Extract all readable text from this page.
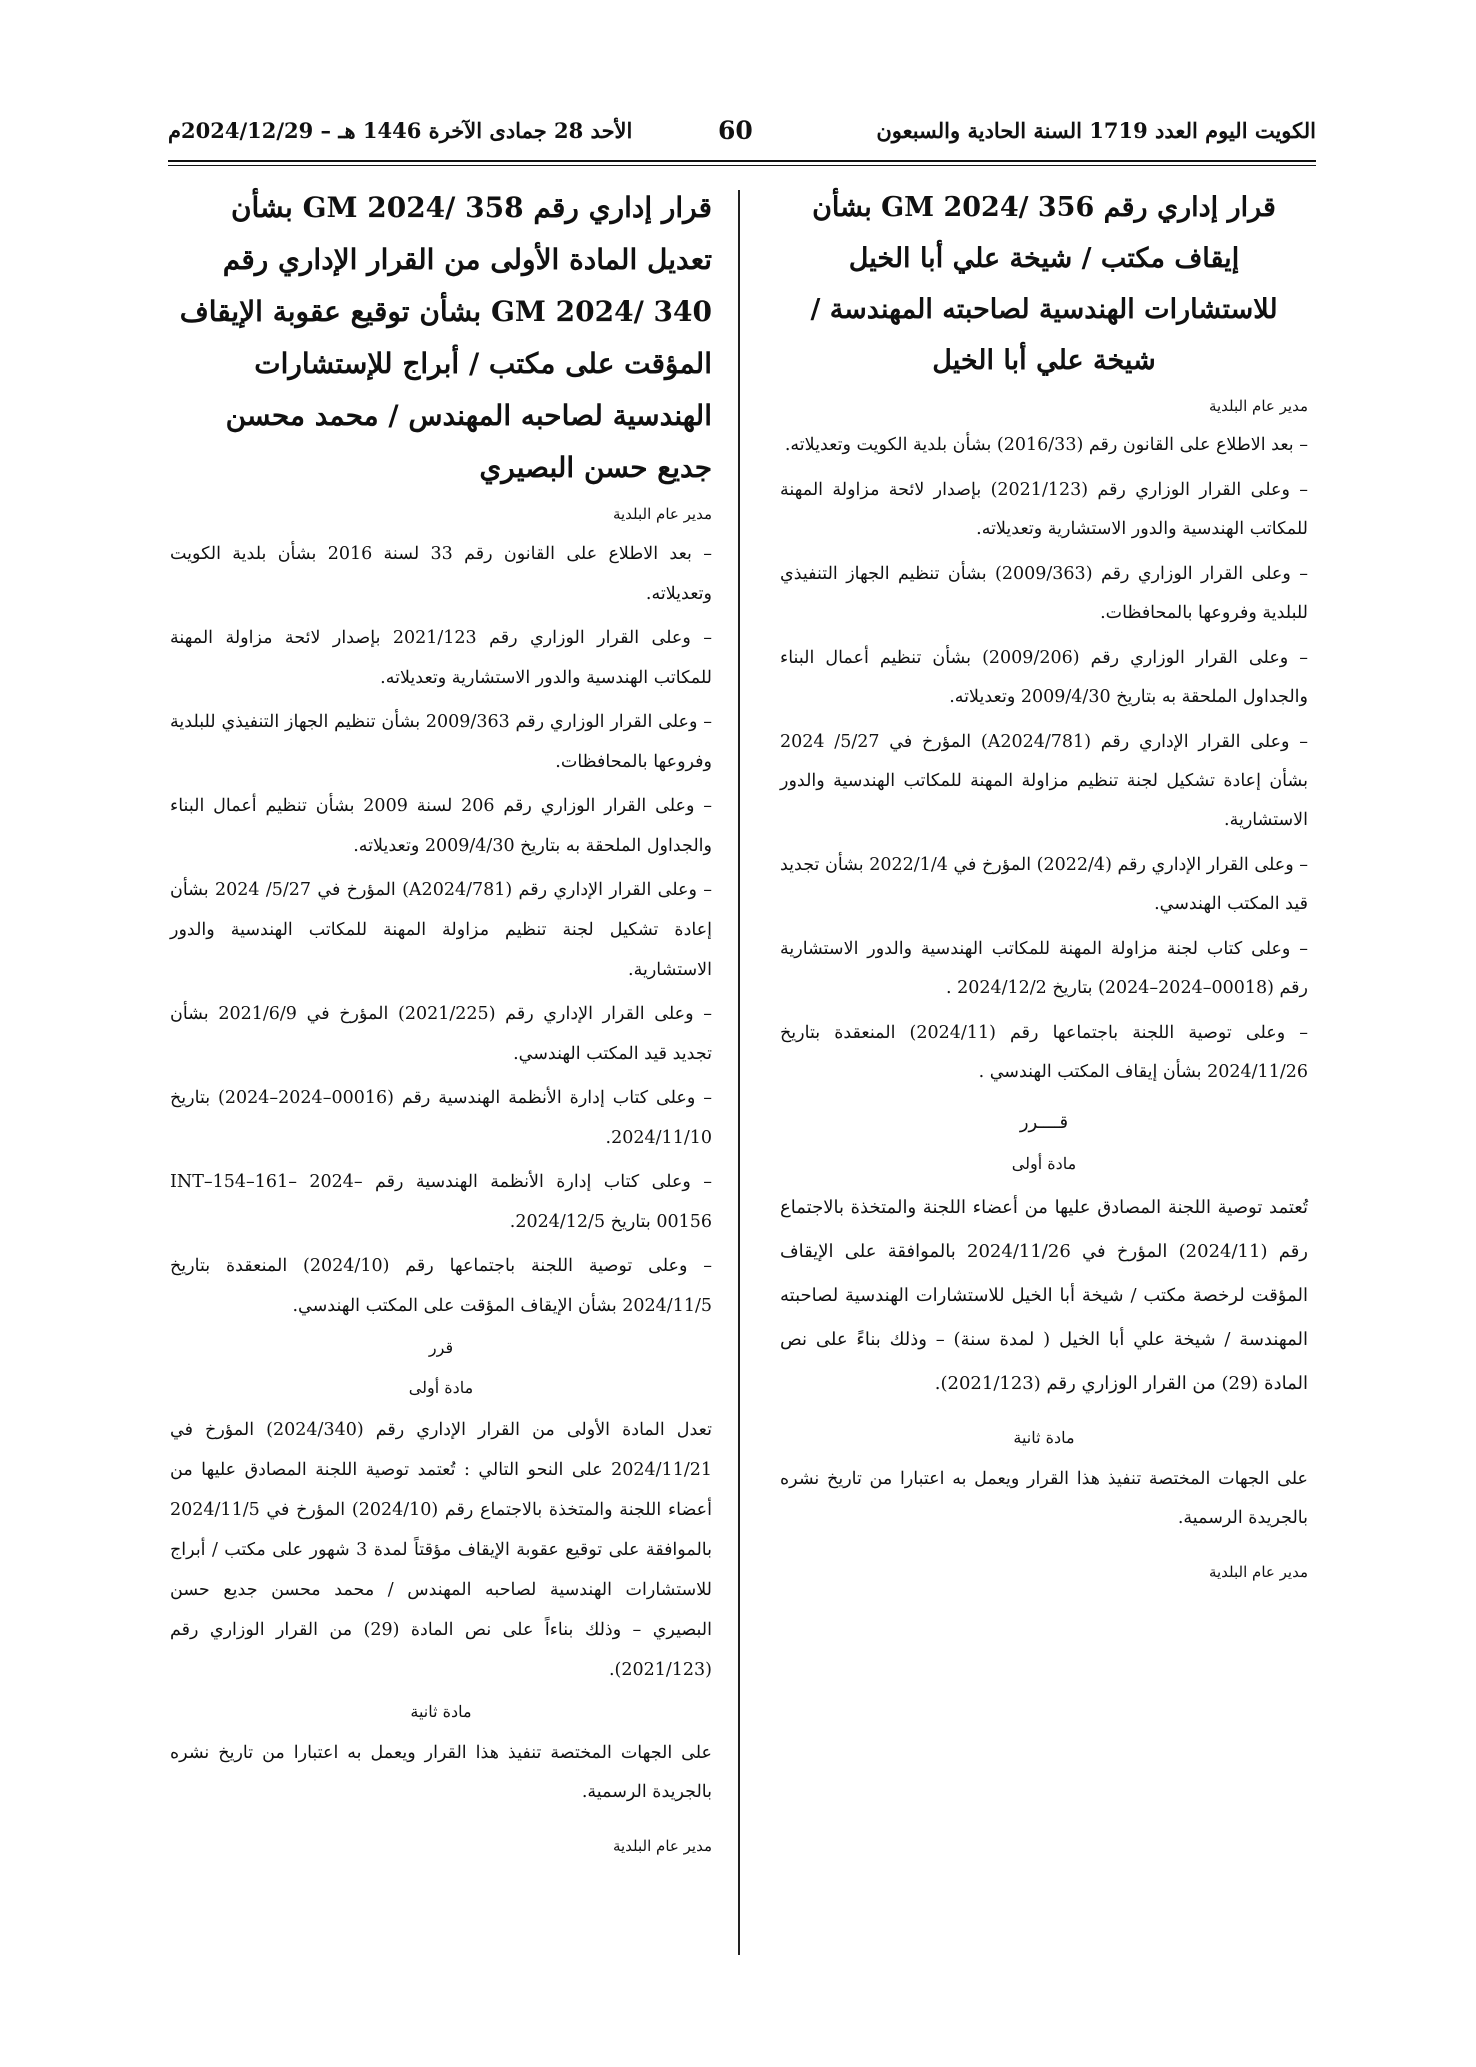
الكويت اليوم العدد 1719 السنة الحادية والسبعون
60
الأحد 28 جمادى الآخرة 1446 هـ – 2024/12/29م
قرار إداري رقم 356 /GM 2024 بشأن إيقاف مكتب / شيخة علي أبا الخيل للاستشارات الهندسية لصاحبته المهندسة / شيخة علي أبا الخيل
مدير عام البلدية
– بعد الاطلاع على القانون رقم (2016/33) بشأن بلدية الكويت وتعديلاته.
– وعلى القرار الوزاري رقم (2021/123) بإصدار لائحة مزاولة المهنة للمكاتب الهندسية والدور الاستشارية وتعديلاته.
– وعلى القرار الوزاري رقم (2009/363) بشأن تنظيم الجهاز التنفيذي للبلدية وفروعها بالمحافظات.
– وعلى القرار الوزاري رقم (2009/206) بشأن تنظيم أعمال البناء والجداول الملحقة به بتاريخ 2009/4/30 وتعديلاته.
– وعلى القرار الإداري رقم (A2024/781) المؤرخ في 5/27/ 2024 بشأن إعادة تشكيل لجنة تنظيم مزاولة المهنة للمكاتب الهندسية والدور الاستشارية.
– وعلى القرار الإداري رقم (2022/4) المؤرخ في 2022/1/4 بشأن تجديد قيد المكتب الهندسي.
– وعلى كتاب لجنة مزاولة المهنة للمكاتب الهندسية والدور الاستشارية رقم (00018–2024–2024) بتاريخ 2024/12/2 .
– وعلى توصية اللجنة باجتماعها رقم (2024/11) المنعقدة بتاريخ 2024/11/26 بشأن إيقاف المكتب الهندسي .
قــــرر
مادة أولى
تُعتمد توصية اللجنة المصادق عليها من أعضاء اللجنة والمتخذة بالاجتماع رقم (2024/11) المؤرخ في 2024/11/26 بالموافقة على الإيقاف المؤقت لرخصة مكتب / شيخة أبا الخيل للاستشارات الهندسية لصاحبته المهندسة / شيخة علي أبا الخيل ( لمدة سنة) – وذلك بناءً على نص المادة (29) من القرار الوزاري رقم (2021/123).
مادة ثانية
على الجهات المختصة تنفيذ هذا القرار ويعمل به اعتبارا من تاريخ نشره بالجريدة الرسمية.
مدير عام البلدية
قرار إداري رقم 358 /GM 2024 بشأن تعديل المادة الأولى من القرار الإداري رقم 340 /GM 2024 بشأن توقيع عقوبة الإيقاف المؤقت على مكتب / أبراج للإستشارات الهندسية لصاحبه المهندس / محمد محسن جديع حسن البصيري
مدير عام البلدية
– بعد الاطلاع على القانون رقم 33 لسنة 2016 بشأن بلدية الكويت وتعديلاته.
– وعلى القرار الوزاري رقم 2021/123 بإصدار لائحة مزاولة المهنة للمكاتب الهندسية والدور الاستشارية وتعديلاته.
– وعلى القرار الوزاري رقم 2009/363 بشأن تنظيم الجهاز التنفيذي للبلدية وفروعها بالمحافظات.
– وعلى القرار الوزاري رقم 206 لسنة 2009 بشأن تنظيم أعمال البناء والجداول الملحقة به بتاريخ 2009/4/30 وتعديلاته.
– وعلى القرار الإداري رقم (A2024/781) المؤرخ في 5/27/ 2024 بشأن إعادة تشكيل لجنة تنظيم مزاولة المهنة للمكاتب الهندسية والدور الاستشارية.
– وعلى القرار الإداري رقم (2021/225) المؤرخ في 2021/6/9 بشأن تجديد قيد المكتب الهندسي.
– وعلى كتاب إدارة الأنظمة الهندسية رقم (00016–2024–2024) بتاريخ 2024/11/10.
– وعلى كتاب إدارة الأنظمة الهندسية رقم INT–154–161– 2024–00156 بتاريخ 2024/12/5.
– وعلى توصية اللجنة باجتماعها رقم (2024/10) المنعقدة بتاريخ 2024/11/5 بشأن الإيقاف المؤقت على المكتب الهندسي.
قرر
مادة أولى
تعدل المادة الأولى من القرار الإداري رقم (2024/340) المؤرخ في 2024/11/21 على النحو التالي : تُعتمد توصية اللجنة المصادق عليها من أعضاء اللجنة والمتخذة بالاجتماع رقم (2024/10) المؤرخ في 2024/11/5 بالموافقة على توقيع عقوبة الإيقاف مؤقتاً لمدة 3 شهور على مكتب / أبراج للاستشارات الهندسية لصاحبه المهندس / محمد محسن جديع حسن البصيري – وذلك بناءاً على نص المادة (29) من القرار الوزاري رقم (2021/123).
مادة ثانية
على الجهات المختصة تنفيذ هذا القرار ويعمل به اعتبارا من تاريخ نشره بالجريدة الرسمية.
مدير عام البلدية
